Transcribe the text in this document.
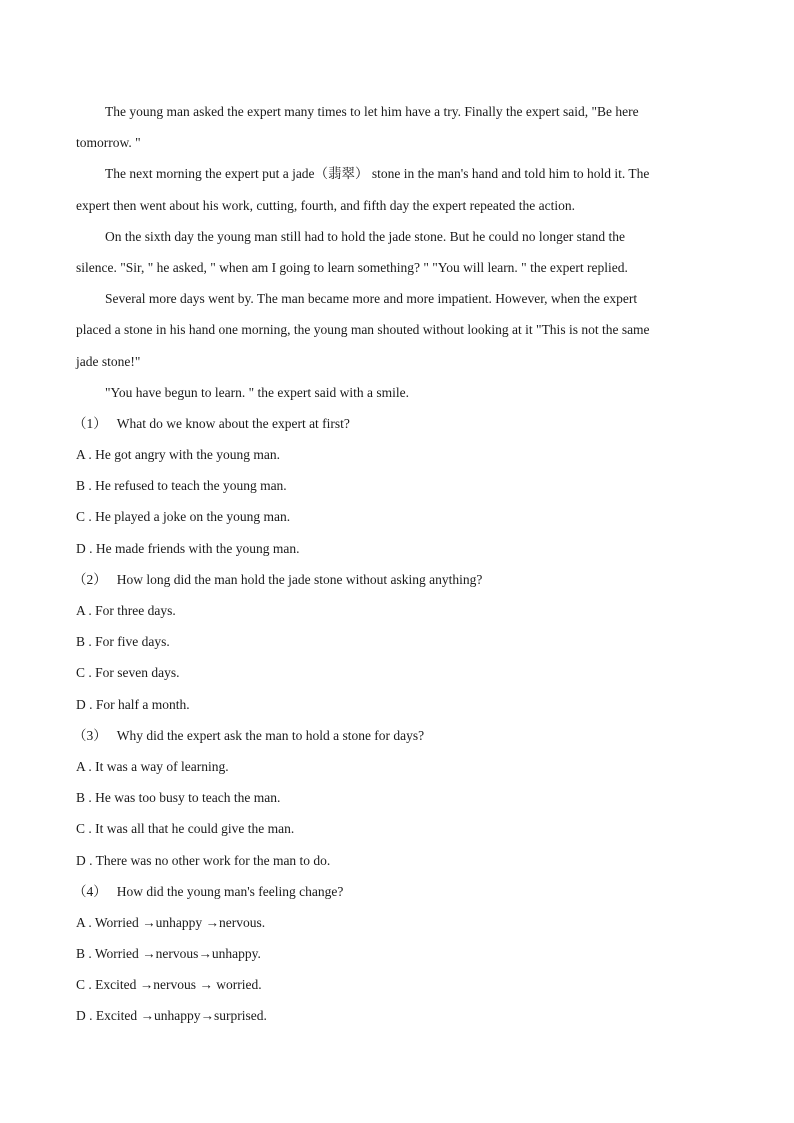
The young man asked the expert many times to let him have a try. Finally the expert said, "Be here
tomorrow. "
The next morning the expert put a jade（翡翠） stone in the man's hand and told him to hold it. The
expert then went about his work, cutting, fourth, and fifth day the expert repeated the action.
On the sixth day the young man still had to hold the jade stone. But he could no longer stand the
silence. "Sir, " he asked, " when am I going to learn something? " "You will learn. " the expert replied.
Several more days went by. The man became more and more impatient. However, when the expert
placed a stone in his hand one morning, the young man shouted without looking at it "This is not the same
jade stone!"
"You have begun to learn. " the expert said with a smile.
（1） What do we know about the expert at first?
A . He got angry with the young man.
B . He refused to teach the young man.
C . He played a joke on the young man.
D . He made friends with the young man.
（2） How long did the man hold the jade stone without asking anything?
A . For three days.
B . For five days.
C . For seven days.
D . For half a month.
（3） Why did the expert ask the man to hold a stone for days?
A . It was a way of learning.
B . He was too busy to teach the man.
C . It was all that he could give the man.
D . There was no other work for the man to do.
（4） How did the young man's feeling change?
A . Worried →unhappy →nervous.
B . Worried →nervous→unhappy.
C . Excited →nervous → worried.
D . Excited →unhappy→surprised.
